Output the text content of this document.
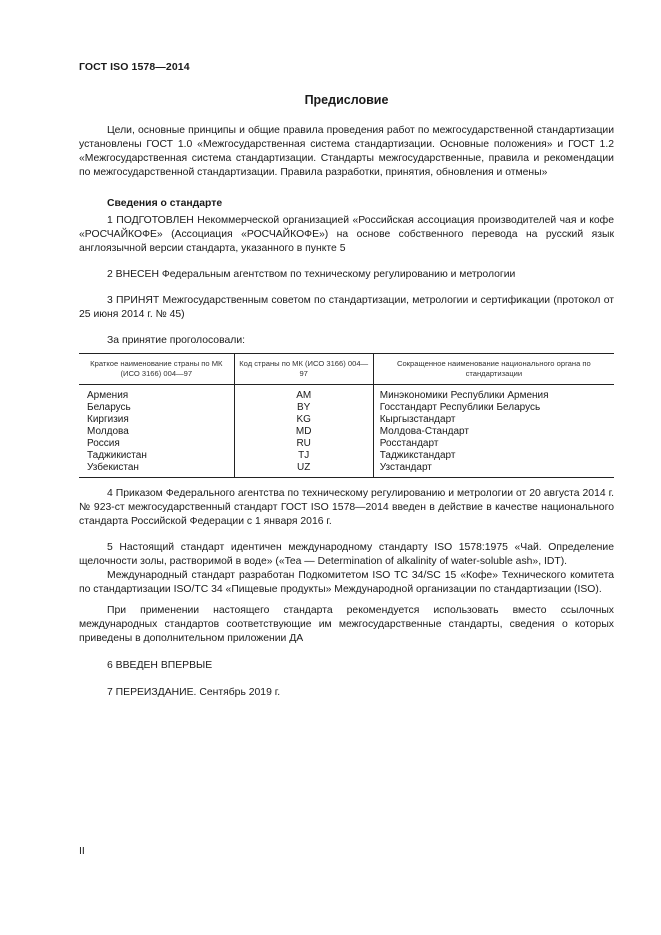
ГОСТ ISO 1578—2014
Предисловие

Цели, основные принципы и общие правила проведения работ по межгосударственной стандартизации установлены ГОСТ 1.0 «Межгосударственная система стандартизации. Основные положения» и ГОСТ 1.2 «Межгосударственная система стандартизации. Стандарты межгосударственные, правила и рекомендации по межгосударственной стандартизации. Правила разработки, принятия, обновления и отмены»

Сведения о стандарте

1 ПОДГОТОВЛЕН Некоммерческой организацией «Российская ассоциация производителей чая и кофе «РОСЧАЙКОФЕ» (Ассоциация «РОСЧАЙКОФЕ») на основе собственного перевода на русский язык англоязычной версии стандарта, указанного в пункте 5

2 ВНЕСЕН Федеральным агентством по техническому регулированию и метрологии

3 ПРИНЯТ Межгосударственным советом по стандартизации, метрологии и сертификации (протокол от 25 июня 2014 г. № 45)

За принятие проголосовали:

Краткое наименование страны по МК (ИСО 3166) 004—97	Код страны по МК (ИСО 3166) 004—97	Сокращенное наименование национального органа по стандартизации
Армения	AM	Минэкономики Республики Армения
Беларусь	BY	Госстандарт Республики Беларусь
Киргизия	KG	Кыргызстандарт
Молдова	MD	Молдова-Стандарт
Россия	RU	Росстандарт
Таджикистан	TJ	Таджикстандарт
Узбекистан	UZ	Узстандарт

4 Приказом Федерального агентства по техническому регулированию и метрологии от 20 августа 2014 г. № 923-ст межгосударственный стандарт ГОСТ ISO 1578—2014 введен в действие в качестве национального стандарта Российской Федерации с 1 января 2016 г.

5 Настоящий стандарт идентичен международному стандарту ISO 1578:1975 «Чай. Определение щелочности золы, растворимой в воде» («Tea — Determination of alkalinity of water-soluble ash», IDT).

Международный стандарт разработан Подкомитетом ISO TC 34/SC 15 «Кофе» Технического комитета по стандартизации ISO/TC 34 «Пищевые продукты» Международной организации по стандартизации (ISO).

При применении настоящего стандарта рекомендуется использовать вместо ссылочных международных стандартов соответствующие им межгосударственные стандарты, сведения о которых приведены в дополнительном приложении ДА

6 ВВЕДЕН ВПЕРВЫЕ

7 ПЕРЕИЗДАНИЕ. Сентябрь 2019 г.

II
